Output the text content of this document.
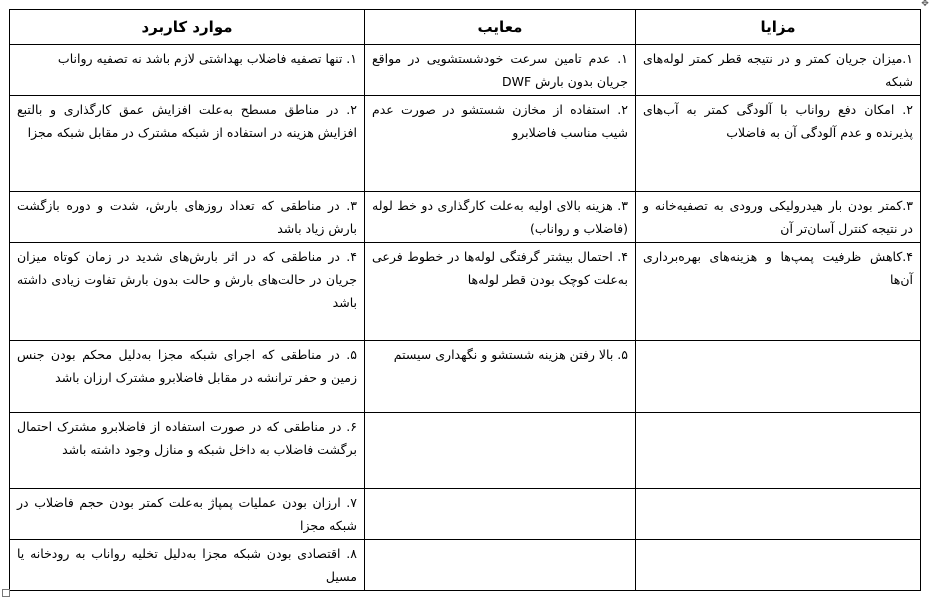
✥
مزایا	معایب	موارد کاربرد
۱.میزان جریان کمتر و در نتیجه قطر کمتر لوله‌های شبکه	۱. عدم تامین سرعت خودشستشویی در مواقع جریان بدون بارش DWF	۱. تنها تصفیه فاضلاب بهداشتی لازم باشد نه تصفیه رواناب
۲. امکان دفع رواناب با آلودگی کمتر به آب‌های پذیرنده و عدم آلودگی آن به فاضلاب	۲. استفاده از مخازن شستشو در صورت عدم شیب مناسب فاضلابرو	۲. در مناطق مسطح به‌علت افزایش عمق کارگذاری و بالتبع افزایش هزینه در استفاده از شبکه مشترک در مقابل شبکه مجزا
۳.کمتر بودن بار هیدرولیکی ورودی به تصفیه‌خانه و در نتیجه کنترل آسان‌تر آن	۳. هزینه بالای اولیه به‌علت کارگذاری دو خط لوله (فاضلاب و رواناب)	۳. در مناطقی که تعداد روزهای بارش، شدت و دوره بازگشت بارش زیاد باشد
۴.کاهش ظرفیت پمپ‌ها و هزینه‌های بهره‌برداری آن‌ها	۴. احتمال بیشتر گرفتگی لوله‌ها در خطوط فرعی به‌علت کوچک بودن قطر لوله‌ها	۴. در مناطقی که در اثر بارش‌های شدید در زمان کوتاه میزان جریان در حالت‌های بارش و حالت بدون بارش تفاوت زیادی داشته باشد
	۵. بالا رفتن هزینه شستشو و نگهداری سیستم	۵. در مناطقی که اجرای شبکه مجزا به‌دلیل محکم بودن جنس زمین و حفر ترانشه در مقابل فاضلابرو مشترک ارزان باشد
		۶. در مناطقی که در صورت استفاده از فاضلابرو مشترک احتمال برگشت فاضلاب به داخل شبکه و منازل وجود داشته باشد
		۷. ارزان بودن عملیات پمپاژ به‌علت کمتر بودن حجم فاضلاب در شبکه مجزا
		۸. اقتصادی بودن شبکه مجزا به‌دلیل تخلیه رواناب به رودخانه یا مسیل
